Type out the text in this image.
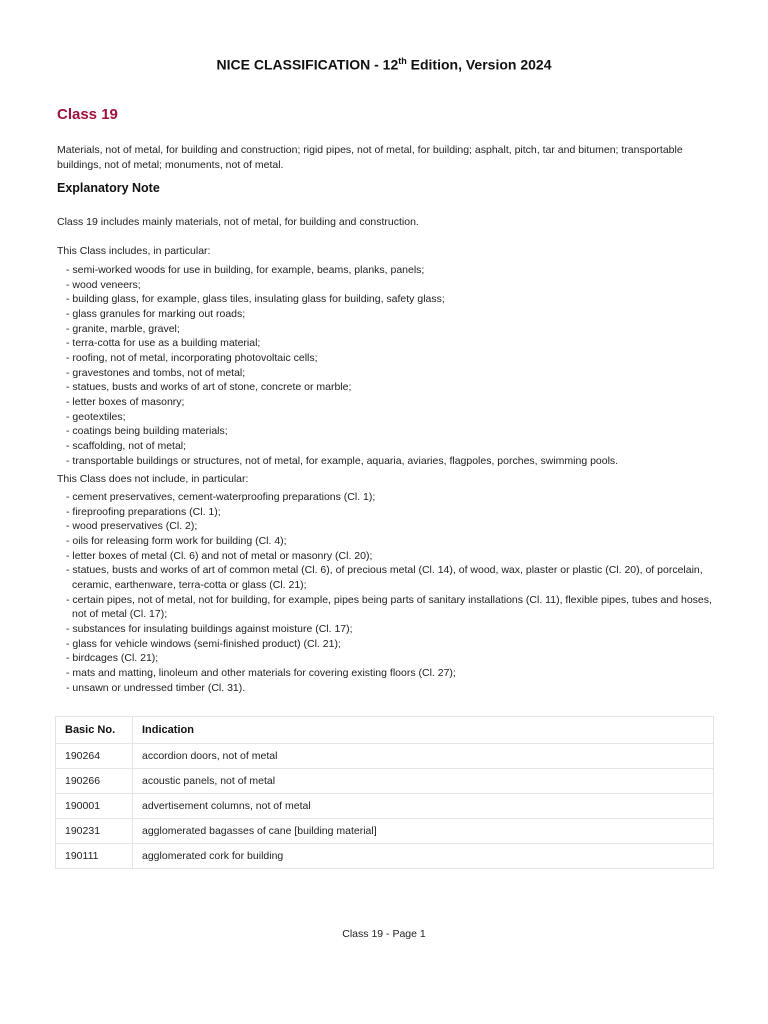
NICE CLASSIFICATION - 12th Edition, Version 2024
Class 19
Materials, not of metal, for building and construction; rigid pipes, not of metal, for building; asphalt, pitch, tar and bitumen; transportable buildings, not of metal; monuments, not of metal.
Explanatory Note
Class 19 includes mainly materials, not of metal, for building and construction.
This Class includes, in particular:
- semi-worked woods for use in building, for example, beams, planks, panels;
- wood veneers;
- building glass, for example, glass tiles, insulating glass for building, safety glass;
- glass granules for marking out roads;
- granite, marble, gravel;
- terra-cotta for use as a building material;
- roofing, not of metal, incorporating photovoltaic cells;
- gravestones and tombs, not of metal;
- statues, busts and works of art of stone, concrete or marble;
- letter boxes of masonry;
- geotextiles;
- coatings being building materials;
- scaffolding, not of metal;
- transportable buildings or structures, not of metal, for example, aquaria, aviaries, flagpoles, porches, swimming pools.
This Class does not include, in particular:
- cement preservatives, cement-waterproofing preparations (Cl. 1);
- fireproofing preparations (Cl. 1);
- wood preservatives (Cl. 2);
- oils for releasing form work for building (Cl. 4);
- letter boxes of metal (Cl. 6) and not of metal or masonry (Cl. 20);
- statues, busts and works of art of common metal (Cl. 6), of precious metal (Cl. 14), of wood, wax, plaster or plastic (Cl. 20), of porcelain, ceramic, earthenware, terra-cotta or glass (Cl. 21);
- certain pipes, not of metal, not for building, for example, pipes being parts of sanitary installations (Cl. 11), flexible pipes, tubes and hoses, not of metal (Cl. 17);
- substances for insulating buildings against moisture (Cl. 17);
- glass for vehicle windows (semi-finished product) (Cl. 21);
- birdcages (Cl. 21);
- mats and matting, linoleum and other materials for covering existing floors (Cl. 27);
- unsawn or undressed timber (Cl. 31).
Basic No.	Indication
190264	accordion doors, not of metal
190266	acoustic panels, not of metal
190001	advertisement columns, not of metal
190231	agglomerated bagasses of cane [building material]
190111	agglomerated cork for building
Class 19 - Page 1
